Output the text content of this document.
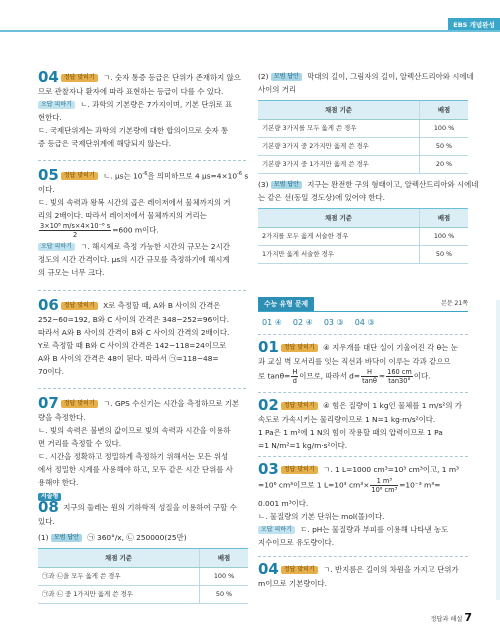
EBS 개념완성
04 정답 맞히기 ㄱ. 숫자 통증 등급은 단위가 존재하지 않으
므로 관찰자나 환자에 따라 표현하는 등급이 다를 수 있다.
오답 피하기 ㄴ. 과학의 기본량은 7가지이며, 기본 단위로 표
현한다.
ㄷ. 국제단위계는 과학의 기본량에 대한 합의이므로 숫자 통
증 등급은 국제단위계에 해당되지 않는다.
05 정답 맞히기 ㄴ. μs는 $10^{-6}$을 의미하므로 4 $\mu s=4\times 10^{-6}$ s
이다.
ㄷ. 빛의 속력과 왕복 시간의 곱은 레이저에서 물체까지의 거
리의 2배이다. 따라서 레이저에서 물체까지의 거리는
$\frac{\text{3×10⁸ m/s×4×10⁻⁶ s}}{2} =600$ m이다.
오답 피하기 ㄱ. 해시계로 측정 가능한 시간의 규모는 2시간
정도의 시간 간격이다. μs의 시간 규모를 측정하기에 해시계
의 규모는 너무 크다.
06 정답 맞히기 X로 측정할 때, A와 B 사이의 간격은
252−60=192, B와 C 사이의 간격은 348−252=96이다.
따라서 A와 B 사이의 간격이 B와 C 사이의 간격의 2배이다.
Y로 측정할 때 B와 C 사이의 간격은 142−118=24이므로
A와 B 사이의 간격은 48이 된다. 따라서 ㉠=118−48=
70이다.
07 정답 맞히기 ㄱ. GPS 수신기는 시간을 측정하므로 기본
량을 측정한다.
ㄴ. 빛의 속력은 불변의 값이므로 빛의 속력과 시간을 이용하
면 거리를 측정할 수 있다.
ㄷ. 시간을 정확하고 정밀하게 측정하기 위해서는 모든 위성
에서 정밀한 시계를 사용해야 하고, 모두 같은 시간 단위를 사
용해야 한다.
서술형
08 지구의 둘레는 원의 기하학적 성질을 이용하여 구할 수
있다.
(1) 모범 답안 ㉠ 360°/x, ㉡ 250000(25만)
채점 기준	배점
㉠과 ㉡을 모두 옳게 쓴 경우	100 %
㉠과 ㉡ 중 1가지만 옳게 쓴 경우	50 %
(2) 모범 답안 막대의 길이, 그림자의 길이, 알렉산드리아와 시에네
사이의 거리
채점 기준	배점
기본량 3가지를 모두 옳게 쓴 경우	100 %
기본량 3가지 중 2가지만 옳게 쓴 경우	50 %
기본량 3가지 중 1가지만 옳게 쓴 경우	20 %
(3) 모범 답안 지구는 완전한 구의 형태이고, 알렉산드리아와 시에네
는 같은 선(동일 경도상)에 있어야 한다.
채점 기준	배점
2가지를 모두 옳게 서술한 경우	100 %
1가지만 옳게 서술한 경우	50 %
수능 유형 문제	본문 21쪽
01 ④ 02 ④ 03 ③ 04 ③
01 정답 맞히기 ④ 지우개를 대단 실이 기울어진 각 θ는 눈
과 교실 벽 모서리를 잇는 직선과 바닥이 이루는 각과 같으므
로 $\tan\theta= \frac{H}{d}$ 이므로, 따라서 $d= \frac{H}{\tan\theta} = \frac{160 cm}{\tan 30^\circ}$ 이다.
02 정답 맞히기 ④ 힘은 질량이 1 kg인 물체를 1 m/s²의 가
속도로 가속시키는 물리량이므로 1 N=1 kg·m/s²이다.
1 Pa은 1 m²에 1 N의 힘이 작용할 때의 압력이므로 1 Pa
=1 N/m²=1 kg/m·s²이다.
03 정답 맞히기 ㄱ. 1 L=1000 cm³=10³ cm³이고, 1 m³
=10⁶ cm³이므로 1 L=10³ $cm^3\times \frac{\text{1 m³}}{\text{10⁶ cm³}} =10^{-3}$ m³=
0.001 m³이다.
ㄴ. 물질량의 기본 단위는 mol(몰)이다.
오답 피하기 ㄷ. pH는 물질량과 부피를 이용해 나타낸 농도
지수이므로 유도량이다.
04 정답 맞히기 ㄱ. 반지름은 길이의 차원을 가지고 단위가
m이므로 기본량이다.
정답과 해설 7
